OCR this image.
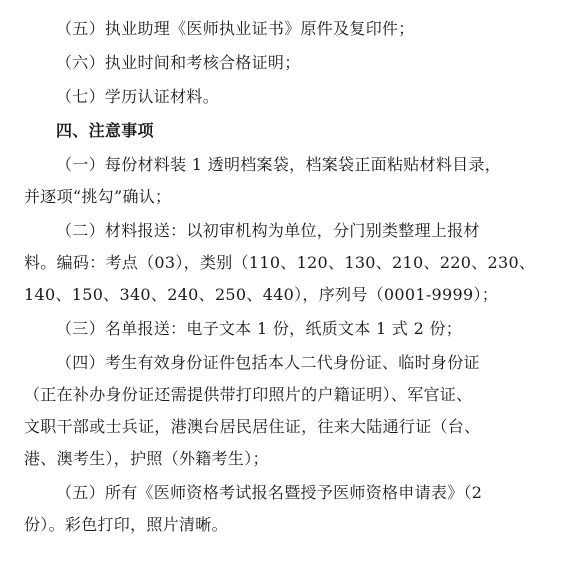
（五）执业助理《医师执业证书》原件及复印件；
（六）执业时间和考核合格证明；
（七）学历认证材料。
四、注意事项
（一）每份材料装 1 透明档案袋，档案袋正面粘贴材料目录，
并逐项“挑勾”确认；
（二）材料报送：以初审机构为单位，分门别类整理上报材
料。编码：考点（03），类别（110、120、130、210、220、230、
140、150、340、240、250、440），序列号（0001-9999）；
（三）名单报送：电子文本 1 份，纸质文本 1 式 2 份；
（四）考生有效身份证件包括本人二代身份证、临时身份证
（正在补办身份证还需提供带打印照片的户籍证明）、军官证、
文职干部或士兵证，港澳台居民居住证，往来大陆通行证（台、
港、澳考生），护照（外籍考生）；
（五）所有《医师资格考试报名暨授予医师资格申请表》（2
份）。彩色打印，照片清晰。
